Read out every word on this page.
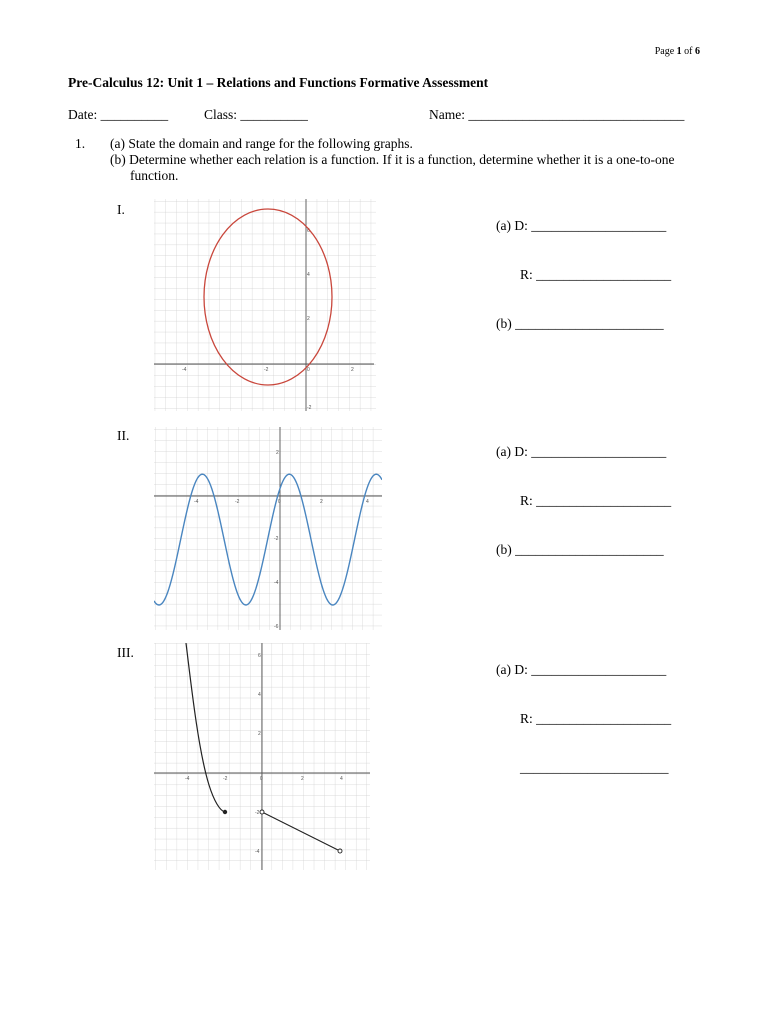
Page 1 of 6
Pre-Calculus 12: Unit 1 – Relations and Functions Formative Assessment
Date: __________	Class: __________	Name: ________________________________
1. (a) State the domain and range for the following graphs.
(b) Determine whether each relation is a function. If it is a function, determine whether it is a one-to-one
function.
I.
-4	-2	0	2
6
4
2
-2
(a) D: ____________________
R: ____________________
(b) ______________________
II.
-4	-2	0	2	4
2
-2
-4
-6
(a) D: ____________________
R: ____________________
(b) ______________________
III.
-4	-2	0	2	4
6
4
2
-2
-4
(a) D: ____________________
R: ____________________
______________________
